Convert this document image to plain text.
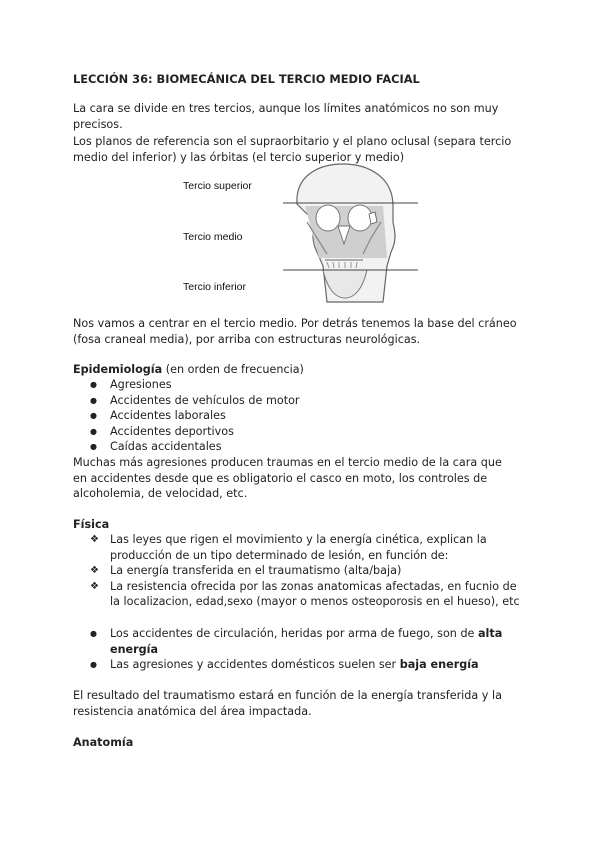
LECCIÓN 36: BIOMECÁNICA DEL TERCIO MEDIO FACIAL

La cara se divide en tres tercios, aunque los límites anatómicos no son muy precisos.

Los planos de referencia son el supraorbitario y el plano oclusal (separa tercio medio del inferior) y las órbitas (el tercio superior y medio)

Tercio superior
Tercio medio
Tercio inferior

Nos vamos a centrar en el tercio medio. Por detrás tenemos la base del cráneo (fosa craneal media), por arriba con estructuras neurológicas.

Epidemiología (en orden de frecuencia)

● Agresiones
● Accidentes de vehículos de motor
● Accidentes laborales
● Accidentes deportivos
● Caídas accidentales

Muchas más agresiones producen traumas en el tercio medio de la cara que en accidentes desde que es obligatorio el casco en moto, los controles de alcoholemia, de velocidad, etc.

Física

❖ Las leyes que rigen el movimiento y la energía cinética, explican la producción de un tipo determinado de lesión, en función de:
❖ La energía transferida en el traumatismo (alta/baja)
❖ La resistencia ofrecida por las zonas anatomicas afectadas, en fucnio de la localizacion, edad,sexo (mayor o menos osteoporosis en el hueso), etc
● Los accidentes de circulación, heridas por arma de fuego, son de alta energía
● Las agresiones y accidentes domésticos suelen ser baja energía

El resultado del traumatismo estará en función de la energía transferida y la resistencia anatómica del área impactada.

Anatomía
